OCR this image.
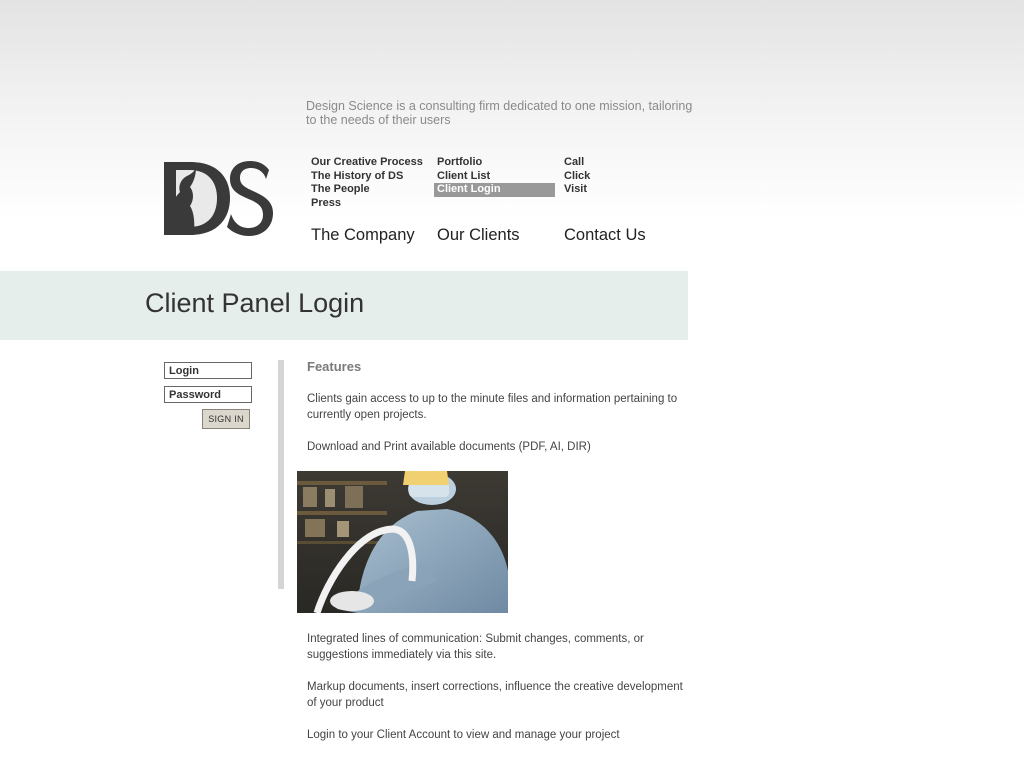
Design Science is a consulting firm dedicated to one mission, tailoring to the needs of their users
Our Creative Process
The History of DS
The People
Press
Portfolio
Client List
Client Login
Call
Click
Visit
The Company Our Clients	Contact Us
Client Panel Login
Login
SIGN IN
Features
Clients gain access to up to the minute files and information pertaining to currently open projects.
Download and Print available documents (PDF, AI, DIR)
Integrated lines of communication: Submit changes, comments, or suggestions immediately via this site.
Markup documents, insert corrections, influence the creative development of your product
Login to your Client Account to view and manage your project
